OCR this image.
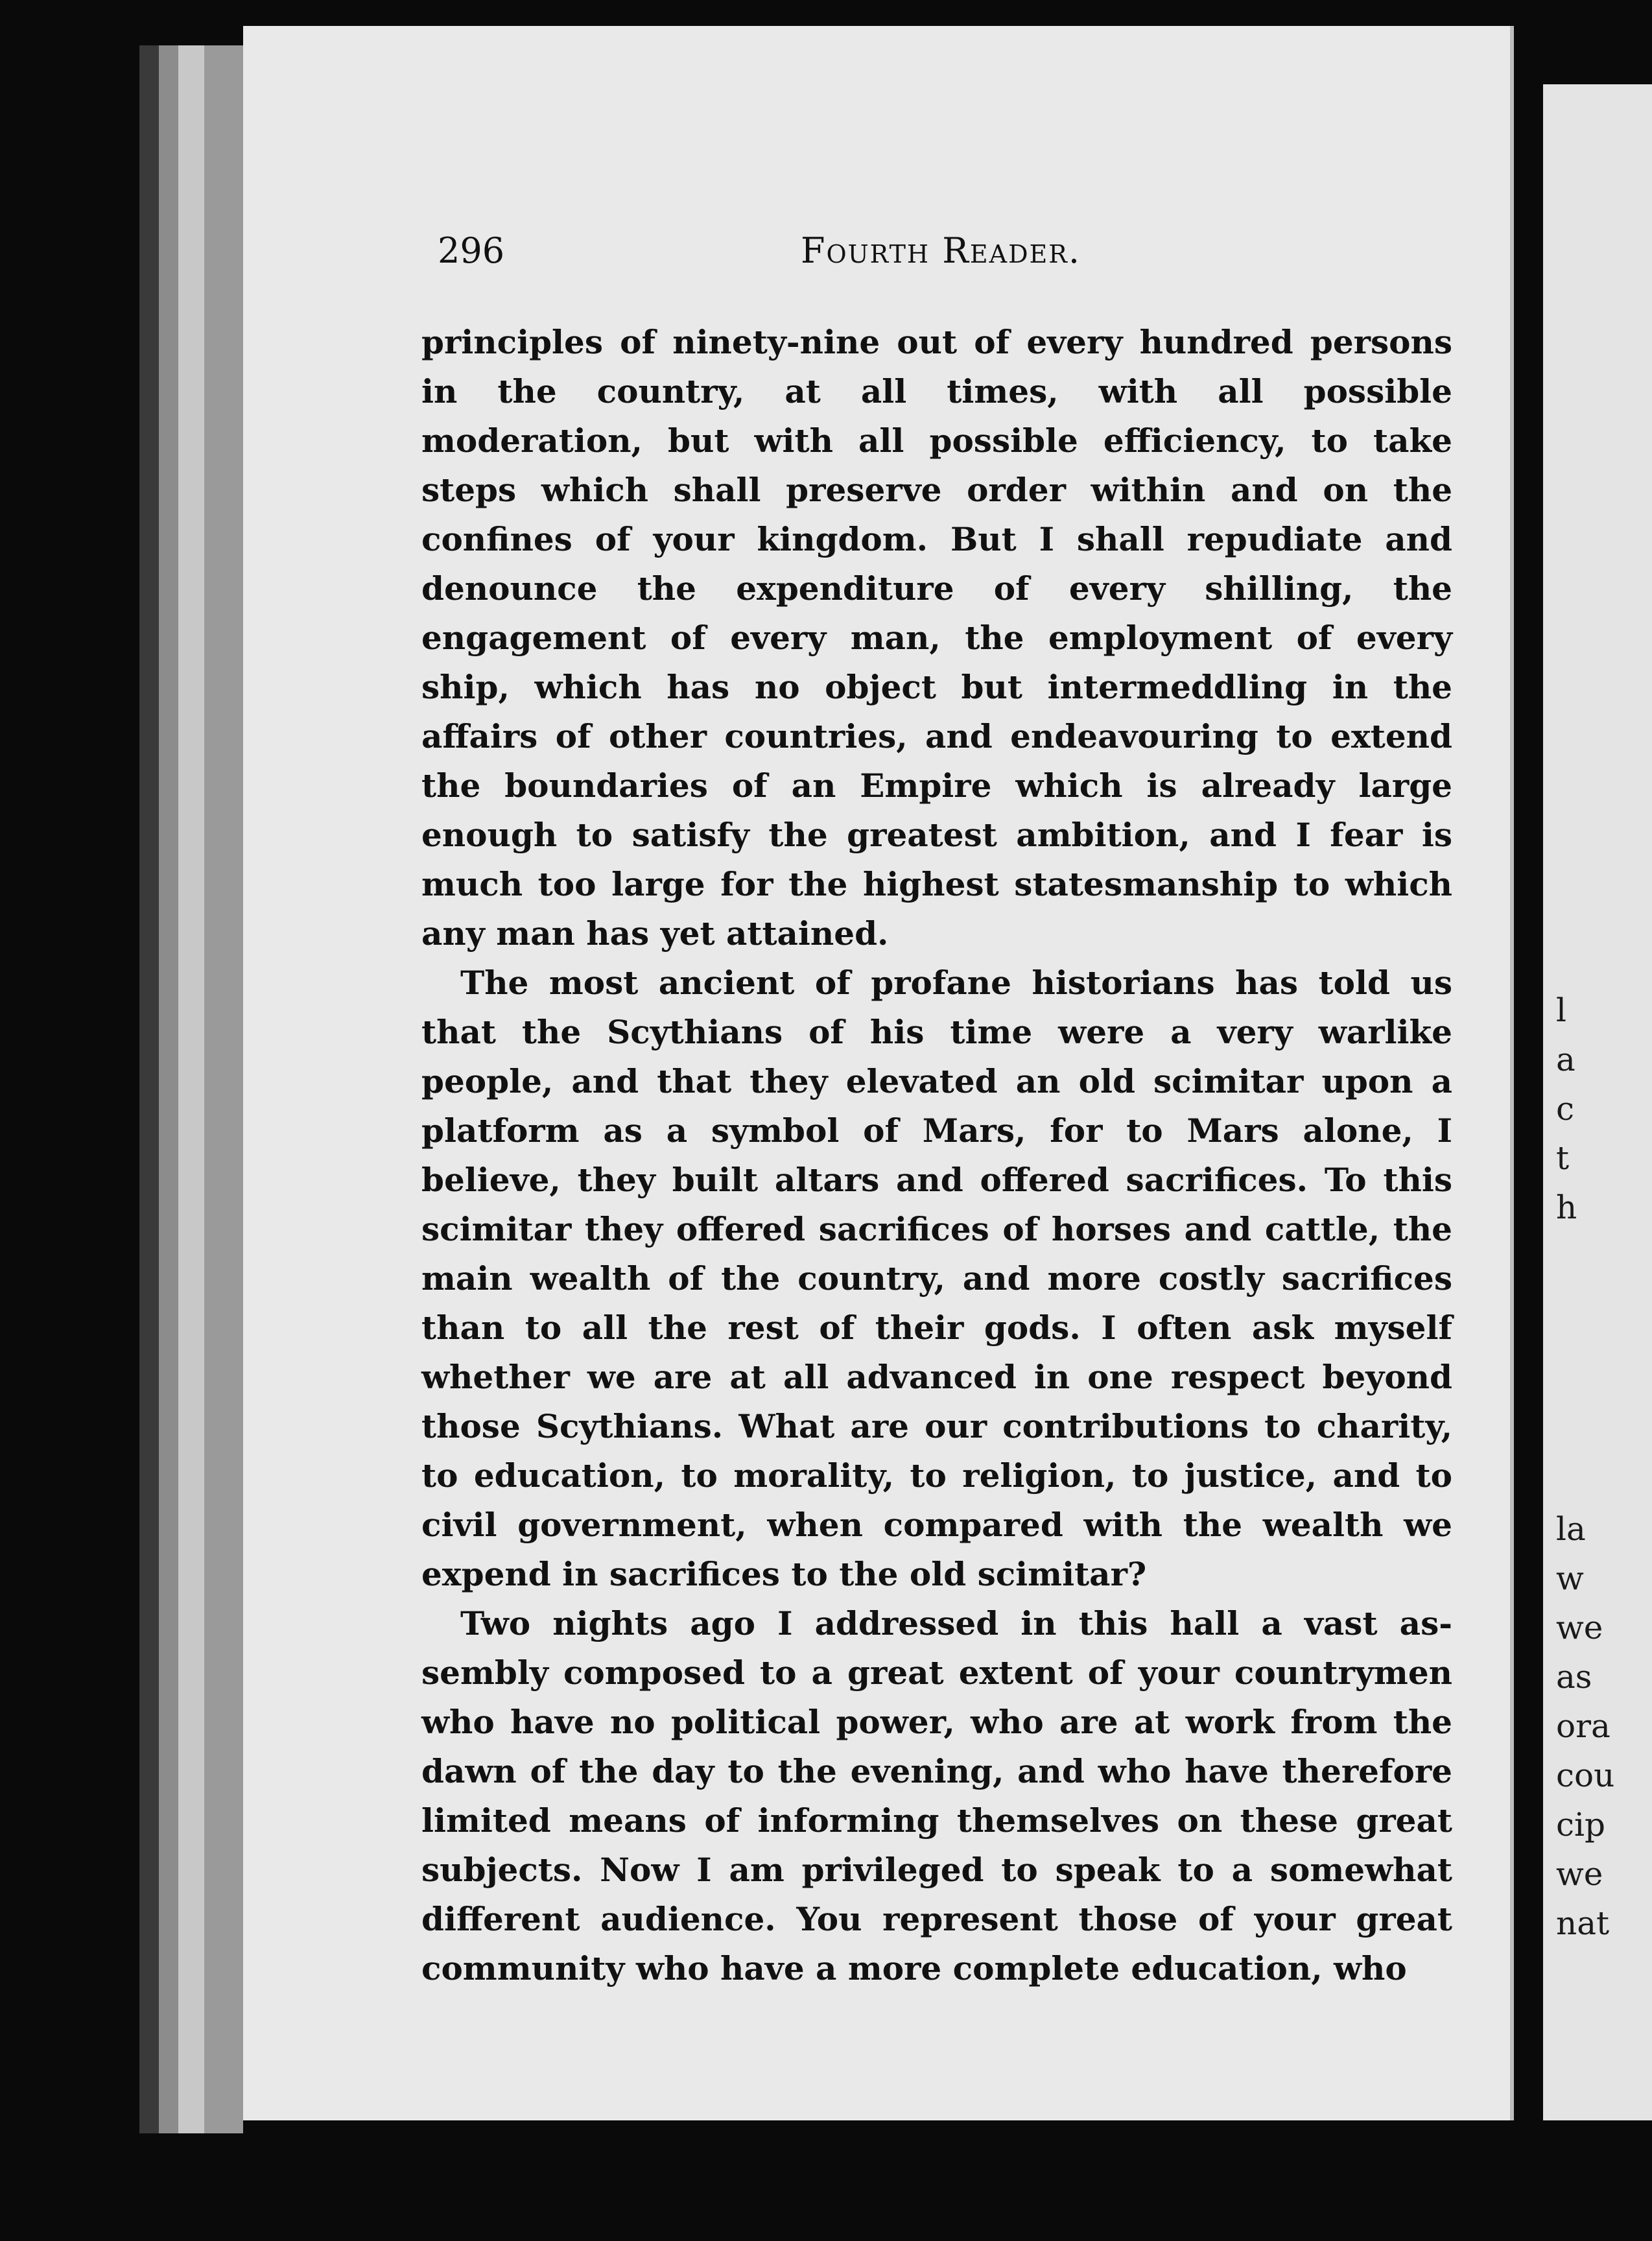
l
a
c
t
h
la
w
we
as
ora
cou
cip
we
nat
296	Fourth Reader.

principles of ninety-nine out of every hundred persons in the country, at all times, with all possible moderation, but with all possible efficiency, to take steps which shall preserve order within and on the confines of your kingdom. But I shall repudiate and denounce the expenditure of every shilling, the engagement of every man, the employment of every ship, which has no object but intermeddling in the affairs of other countries, and endeavouring to extend the boundaries of an Empire which is already large enough to satisfy the greatest ambition, and I fear is much too large for the highest statesmanship to which any man has yet attained.

The most ancient of profane historians has told us that the Scythians of his time were a very warlike people, and that they elevated an old scimitar upon a platform as a symbol of Mars, for to Mars alone, I believe, they built altars and offered sacrifices. To this scimitar they offered sacrifices of horses and cattle, the main wealth of the country, and more costly sacrifices than to all the rest of their gods. I often ask myself whether we are at all advanced in one respect beyond those Scythians. What are our contributions to charity, to education, to morality, to religion, to justice, and to civil government, when compared with the wealth we expend in sacrifices to the old scimitar?

Two nights ago I addressed in this hall a vast assembly composed to a great extent of your countrymen who have no political power, who are at work from the dawn of the day to the evening, and who have therefore limited means of informing themselves on these great subjects. Now I am privileged to speak to a somewhat different audience. You represent those of your great community who have a more complete education, who
